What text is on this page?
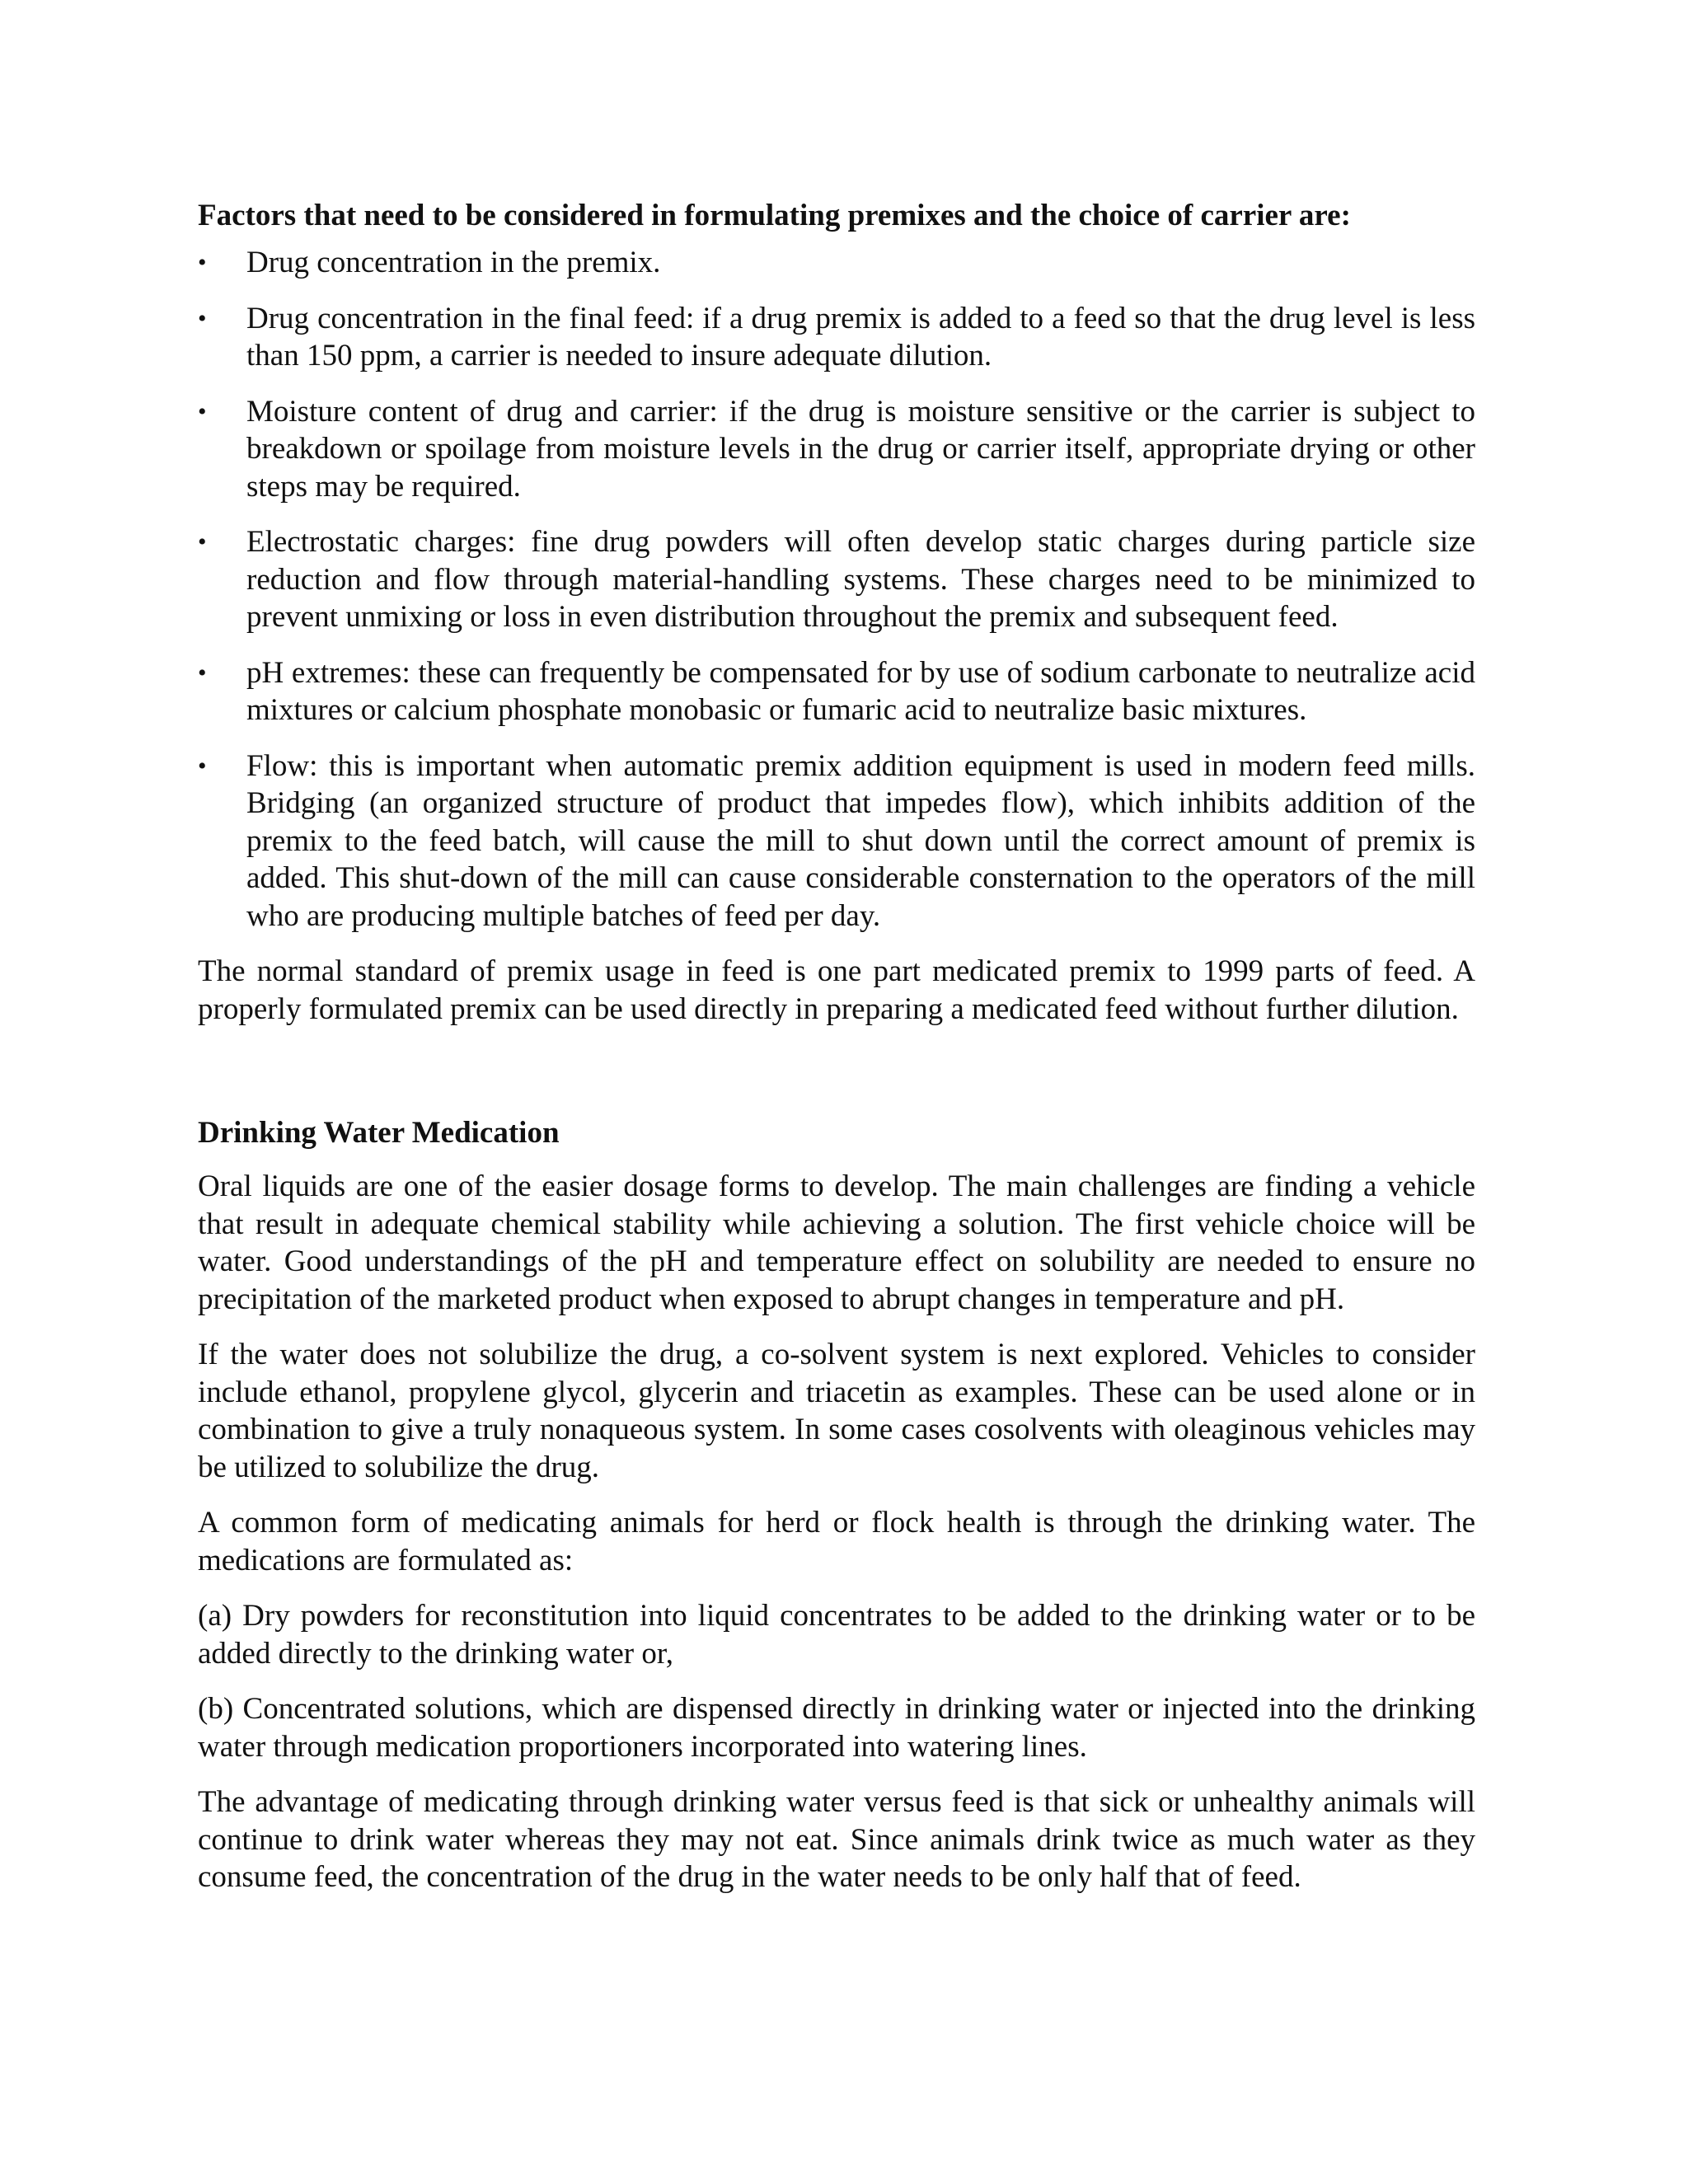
Factors that need to be considered in formulating premixes and the choice of carrier are:
•	Drug concentration in the premix.
•	Drug concentration in the final feed: if a drug premix is added to a feed so that the drug level is less than 150 ppm, a carrier is needed to insure adequate dilution.
•	Moisture content of drug and carrier: if the drug is moisture sensitive or the carrier is subject to breakdown or spoilage from moisture levels in the drug or carrier itself, appropriate drying or other steps may be required.
•	Electrostatic charges: fine drug powders will often develop static charges during particle size reduction and flow through material-handling systems. These charges need to be minimized to prevent unmixing or loss in even distribution throughout the premix and subsequent feed.
•	pH extremes: these can frequently be compensated for by use of sodium carbonate to neutralize acid mixtures or calcium phosphate monobasic or fumaric acid to neutralize basic mixtures.
•	Flow: this is important when automatic premix addition equipment is used in modern feed mills. Bridging (an organized structure of product that impedes flow), which inhibits addition of the premix to the feed batch, will cause the mill to shut down until the correct amount of premix is added. This shut-down of the mill can cause considerable consternation to the operators of the mill who are producing multiple batches of feed per day.

The normal standard of premix usage in feed is one part medicated premix to 1999 parts of feed. A properly formulated premix can be used directly in preparing a medicated feed without further dilution.

Drinking Water Medication

Oral liquids are one of the easier dosage forms to develop. The main challenges are finding a vehicle that result in adequate chemical stability while achieving a solution. The first vehicle choice will be water. Good understandings of the pH and temperature effect on solubility are needed to ensure no precipitation of the marketed product when exposed to abrupt changes in temperature and pH.

If the water does not solubilize the drug, a co-solvent system is next explored. Vehicles to consider include ethanol, propylene glycol, glycerin and triacetin as examples. These can be used alone or in combination to give a truly nonaqueous system. In some cases cosolvents with oleaginous vehicles may be utilized to solubilize the drug.

A common form of medicating animals for herd or flock health is through the drinking water. The medications are formulated as:

(a) Dry powders for reconstitution into liquid concentrates to be added to the drinking water or to be added directly to the drinking water or,

(b) Concentrated solutions, which are dispensed directly in drinking water or injected into the drinking water through medication proportioners incorporated into watering lines.

The advantage of medicating through drinking water versus feed is that sick or unhealthy animals will continue to drink water whereas they may not eat. Since animals drink twice as much water as they consume feed, the concentration of the drug in the water needs to be only half that of feed.
